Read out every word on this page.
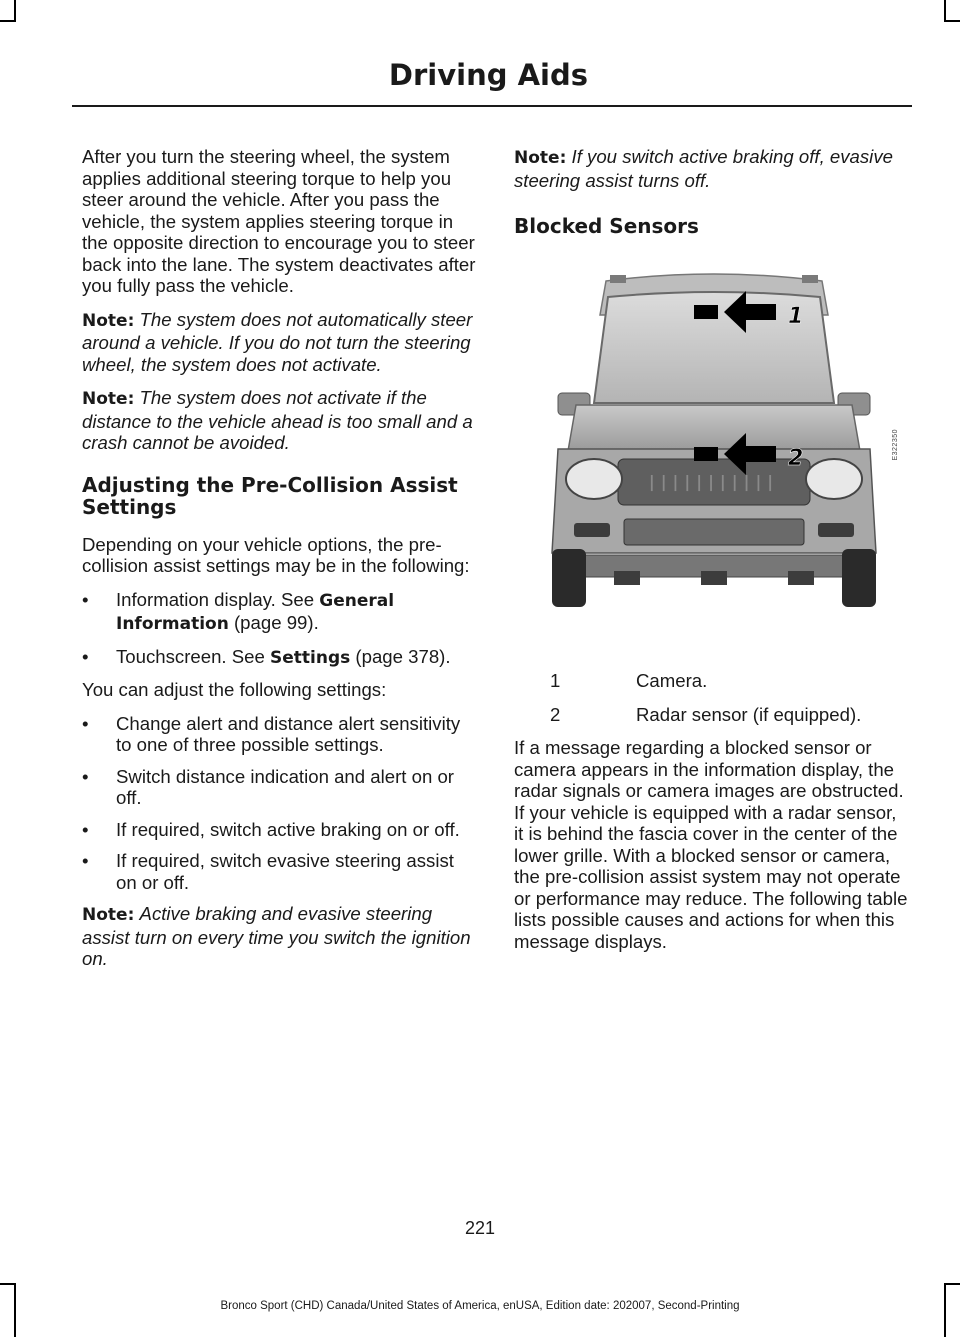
Driving Aids

After you turn the steering wheel, the system applies additional steering torque to help you steer around the vehicle. After you pass the vehicle, the system applies steering torque in the opposite direction to encourage you to steer back into the lane. The system deactivates after you fully pass the vehicle.

Note: The system does not automatically steer around a vehicle. If you do not turn the steering wheel, the system does not activate.

Note: The system does not activate if the distance to the vehicle ahead is too small and a crash cannot be avoided.

Adjusting the Pre-Collision Assist Settings

Depending on your vehicle options, the pre-collision assist settings may be in the following:

• Information display. See General Information (page 99).
• Touchscreen. See Settings (page 378).

You can adjust the following settings:

• Change alert and distance alert sensitivity to one of three possible settings.
• Switch distance indication and alert on or off.
• If required, switch active braking on or off.
• If required, switch evasive steering assist on or off.

Note: Active braking and evasive steering assist turn on every time you switch the ignition on.

Note: If you switch active braking off, evasive steering assist turns off.

Blocked Sensors
|||||||||||
1
2	E322350
1	Camera.
2	Radar sensor (if equipped).

If a message regarding a blocked sensor or camera appears in the information display, the radar signals or camera images are obstructed. If your vehicle is equipped with a radar sensor, it is behind the fascia cover in the center of the lower grille. With a blocked sensor or camera, the pre-collision assist system may not operate or performance may reduce. The following table lists possible causes and actions for when this message displays.

221
Bronco Sport (CHD) Canada/United States of America, enUSA, Edition date: 202007, Second-Printing
